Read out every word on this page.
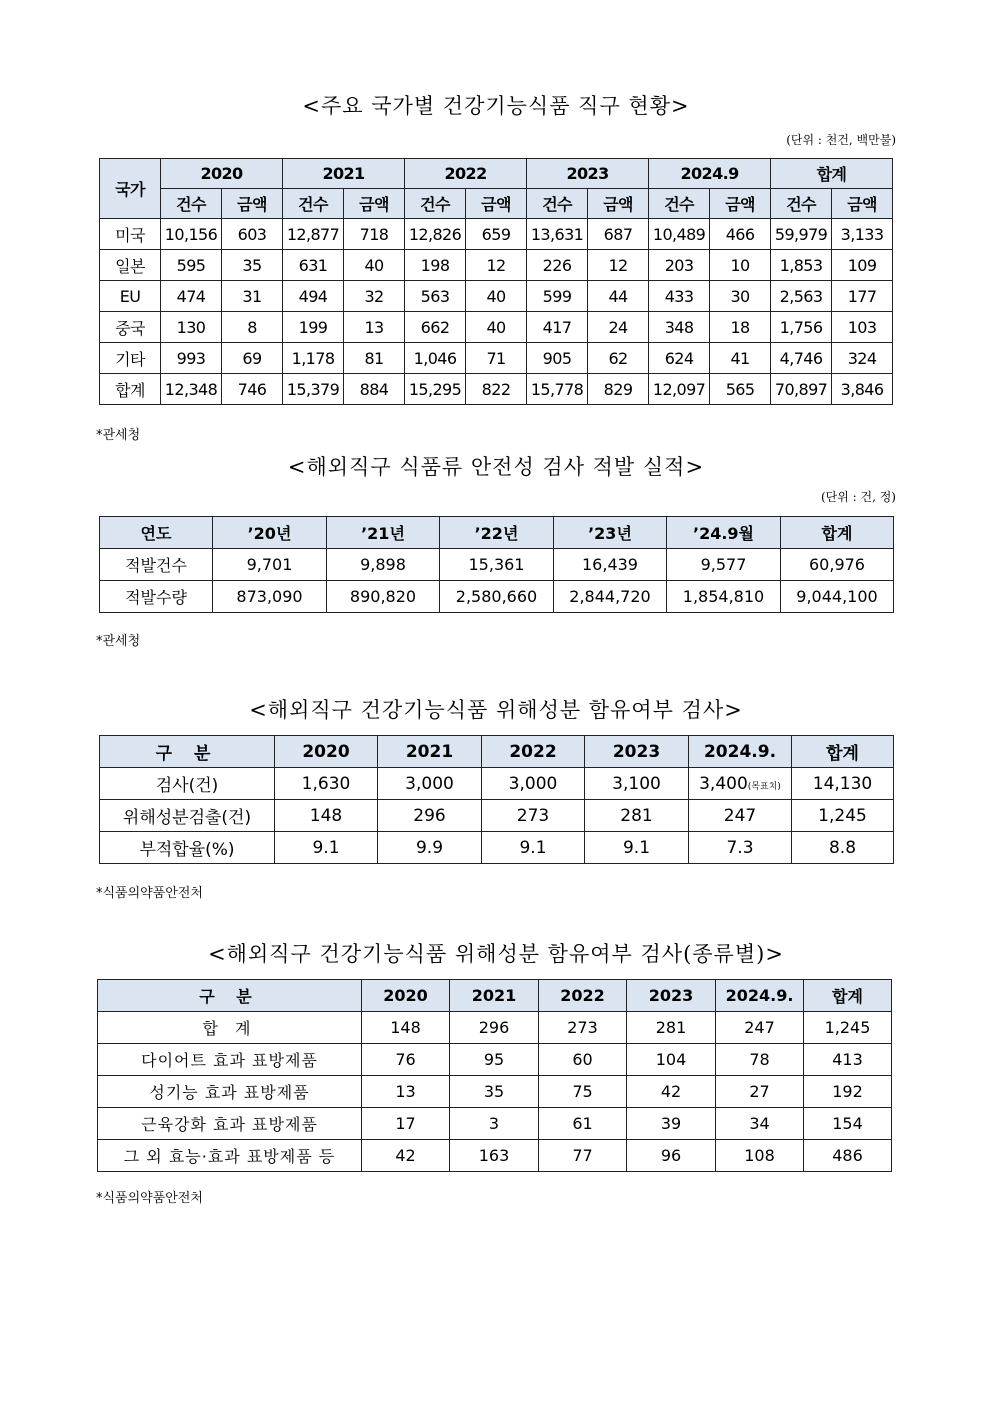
<주요 국가별 건강기능식품 직구 현황>
(단위 : 천건, 백만불)
국가	2020		2021		2022		2023		2024.9		합계	
	건수	금액	건수	금액	건수	금액	건수	금액	건수	금액	건수	금액
미국	10,156	603	12,877	718	12,826	659	13,631	687	10,489	466	59,979	3,133
일본	595	35	631	40	198	12	226	12	203	10	1,853	109
EU	474	31	494	32	563	40	599	44	433	30	2,563	177
중국	130	8	199	13	662	40	417	24	348	18	1,756	103
기타	993	69	1,178	81	1,046	71	905	62	624	41	4,746	324
합계	12,348	746	15,379	884	15,295	822	15,778	829	12,097	565	70,897	3,846
*관세청
<해외직구 식품류 안전성 검사 적발 실적>
(단위 : 건, 정)
연도	’20년	’21년	’22년	’23년	’24.9월	합계
적발건수	9,701	9,898	15,361	16,439	9,577	60,976
적발수량	873,090	890,820	2,580,660	2,844,720	1,854,810	9,044,100
*관세청
<해외직구 건강기능식품 위해성분 함유여부 검사>
구 분	2020	2021	2022	2023	2024.9.	합계
검사(건)	1,630	3,000	3,000	3,100	3,400(목표치)	14,130
위해성분검출(건)	148	296	273	281	247	1,245
부적합율(%)	9.1	9.9	9.1	9.1	7.3	8.8
*식품의약품안전처
<해외직구 건강기능식품 위해성분 함유여부 검사(종류별)>
구 분	2020	2021	2022	2023	2024.9.	합계
합 계	148	296	273	281	247	1,245
다이어트 효과 표방제품	76	95	60	104	78	413
성기능 효과 표방제품	13	35	75	42	27	192
근육강화 효과 표방제품	17	3	61	39	34	154
그 외 효능·효과 표방제품 등	42	163	77	96	108	486
*식품의약품안전처
